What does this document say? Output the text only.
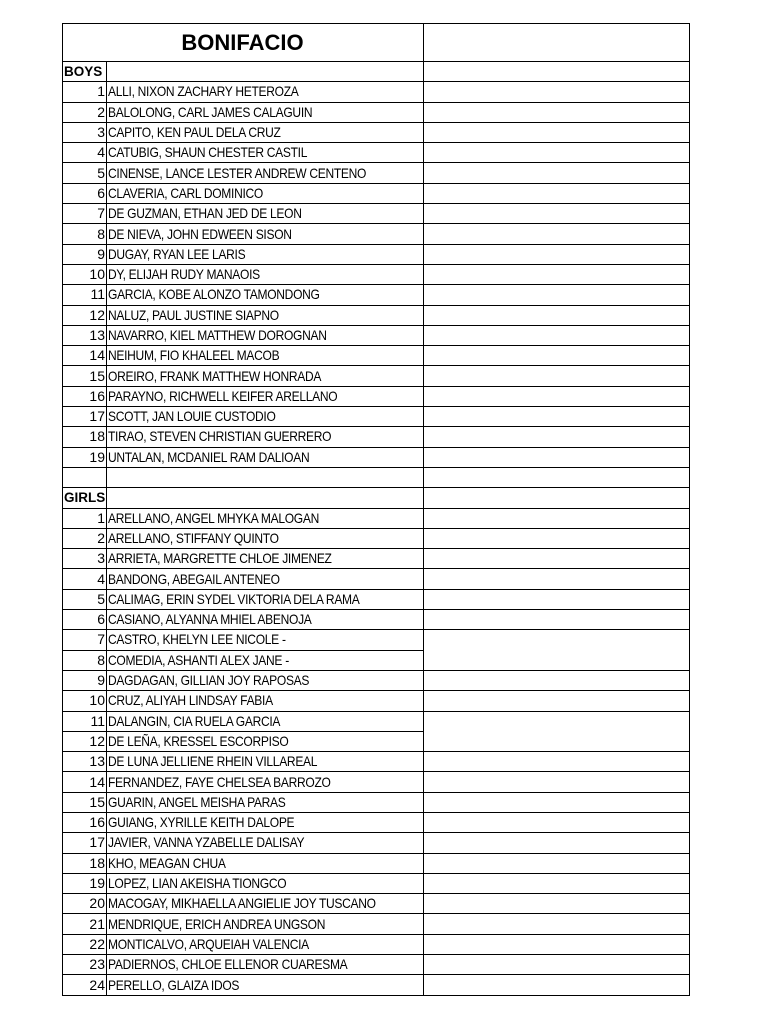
BONIFACIO		
BOYS		
1	ALLI, NIXON ZACHARY HETEROZA	
2	BALOLONG, CARL JAMES CALAGUIN	
3	CAPITO, KEN PAUL DELA CRUZ	
4	CATUBIG, SHAUN CHESTER CASTIL	
5	CINENSE, LANCE LESTER ANDREW CENTENO	
6	CLAVERIA, CARL DOMINICO	
7	DE GUZMAN, ETHAN JED DE LEON	
8	DE NIEVA, JOHN EDWEEN SISON	
9	DUGAY, RYAN LEE LARIS	
10	DY, ELIJAH RUDY MANAOIS	
11	GARCIA, KOBE ALONZO TAMONDONG	
12	NALUZ, PAUL JUSTINE SIAPNO	
13	NAVARRO, KIEL MATTHEW DOROGNAN	
14	NEIHUM, FIO KHALEEL MACOB	
15	OREIRO, FRANK MATTHEW HONRADA	
16	PARAYNO, RICHWELL KEIFER ARELLANO	
17	SCOTT, JAN LOUIE CUSTODIO	
18	TIRAO, STEVEN CHRISTIAN GUERRERO	
19	UNTALAN, MCDANIEL RAM DALIOAN	

GIRLS		
1	ARELLANO, ANGEL MHYKA MALOGAN	
2	ARELLANO, STIFFANY QUINTO	
3	ARRIETA, MARGRETTE CHLOE JIMENEZ	
4	BANDONG, ABEGAIL ANTENEO	
5	CALIMAG, ERIN SYDEL VIKTORIA DELA RAMA	
6	CASIANO, ALYANNA MHIEL ABENOJA	
7	CASTRO, KHELYN LEE NICOLE -	
8	COMEDIA, ASHANTI ALEX JANE -	
9	DAGDAGAN, GILLIAN JOY RAPOSAS	
10	CRUZ, ALIYAH LINDSAY FABIA	
11	DALANGIN, CIA RUELA GARCIA	
12	DE LEÑA, KRESSEL ESCORPISO	
13	DE LUNA JELLIENE RHEIN VILLAREAL	
14	FERNANDEZ, FAYE CHELSEA BARROZO	
15	GUARIN, ANGEL MEISHA PARAS	
16	GUIANG, XYRILLE KEITH DALOPE	
17	JAVIER, VANNA YZABELLE DALISAY	
18	KHO, MEAGAN CHUA	
19	LOPEZ, LIAN AKEISHA TIONGCO	
20	MACOGAY, MIKHAELLA ANGIELIE JOY TUSCANO	
21	MENDRIQUE, ERICH ANDREA UNGSON	
22	MONTICALVO, ARQUEIAH VALENCIA	
23	PADIERNOS, CHLOE ELLENOR CUARESMA	
24	PERELLO, GLAIZA IDOS	
